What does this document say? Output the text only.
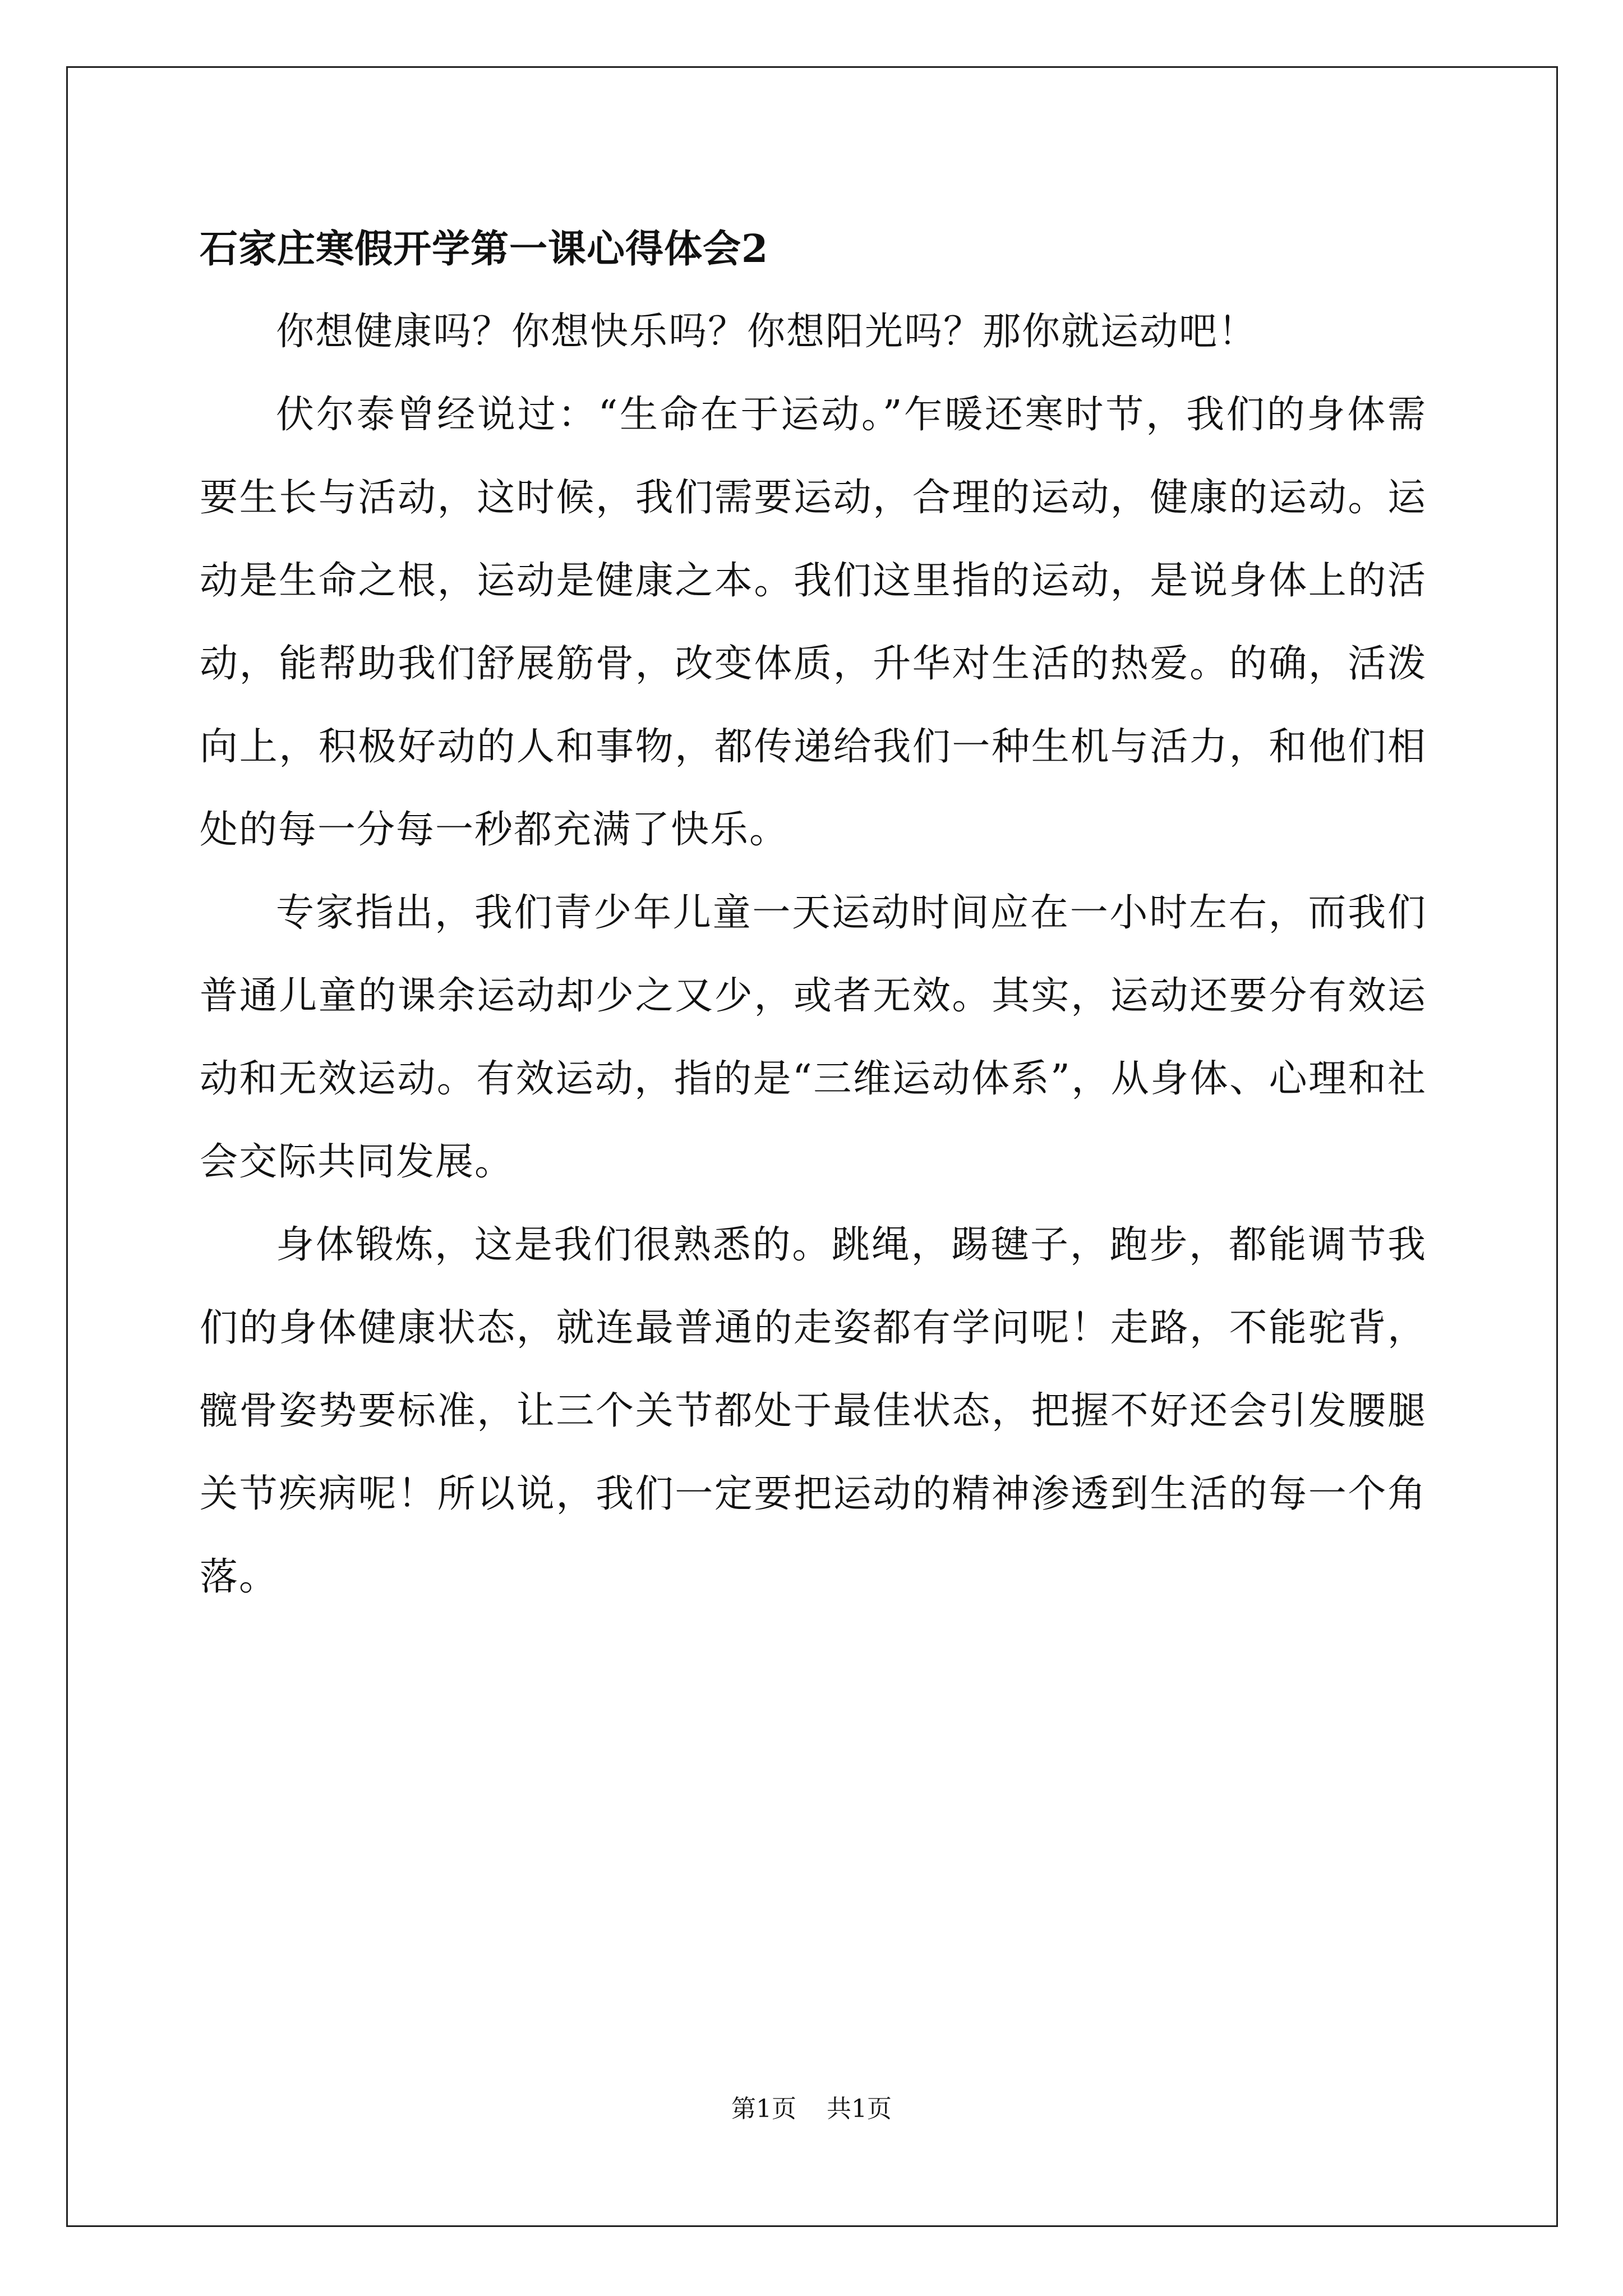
石家庄寒假开学第一课心得体会2

你想健康吗？你想快乐吗？你想阳光吗？那你就运动吧！

伏尔泰曾经说过：“生命在于运动。”乍暖还寒时节，我们的身体需要生长与活动，这时候，我们需要运动，合理的运动，健康的运动。运动是生命之根，运动是健康之本。我们这里指的运动，是说身体上的活动，能帮助我们舒展筋骨，改变体质，升华对生活的热爱。的确，活泼向上，积极好动的人和事物，都传递给我们一种生机与活力，和他们相处的每一分每一秒都充满了快乐。

专家指出，我们青少年儿童一天运动时间应在一小时左右，而我们普通儿童的课余运动却少之又少，或者无效。其实，运动还要分有效运动和无效运动。有效运动，指的是“三维运动体系”，从身体、心理和社会交际共同发展。

身体锻炼，这是我们很熟悉的。跳绳，踢毽子，跑步，都能调节我们的身体健康状态，就连最普通的走姿都有学问呢！走路，不能驼背，髋骨姿势要标准，让三个关节都处于最佳状态，把握不好还会引发腰腿关节疾病呢！所以说，我们一定要把运动的精神渗透到生活的每一个角落。

第1页 共1页
